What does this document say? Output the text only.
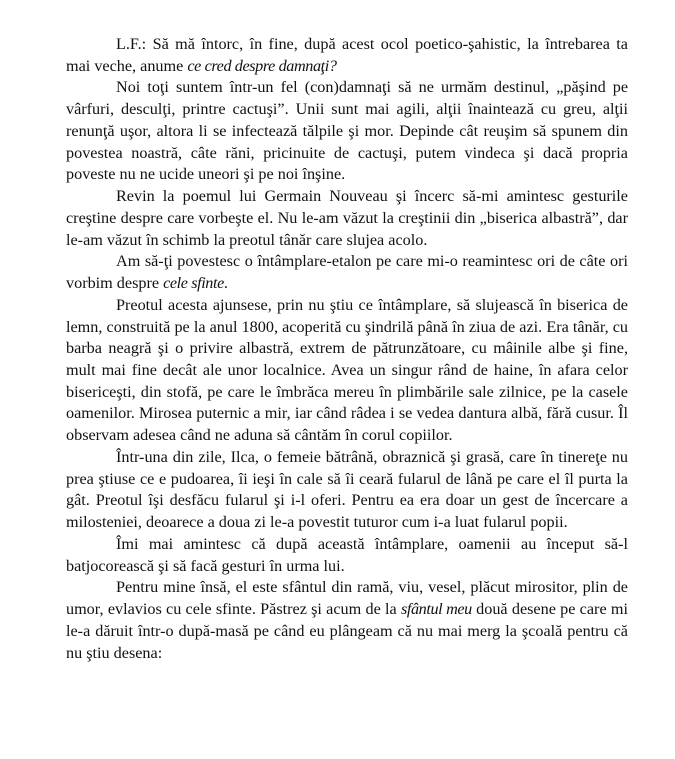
L.F.: Să mă întorc, în fine, după acest ocol poetico-şahistic, la întrebarea ta mai veche, anume ce cred despre damnaţi?

Noi toţi suntem într-un fel (con)damnaţi să ne urmăm destinul, „păşind pe vârfuri, desculţi, printre cactuşi”. Unii sunt mai agili, alţii înaintează cu greu, alţii renunţă uşor, altora li se infectează tălpile şi mor. Depinde cât reuşim să spunem din povestea noastră, câte răni, pricinuite de cactuşi, putem vindeca şi dacă propria poveste nu ne ucide uneori şi pe noi înşine.

Revin la poemul lui Germain Nouveau şi încerc să-mi amintesc gesturile creştine despre care vorbeşte el. Nu le-am văzut la creştinii din „biserica albastră”, dar le-am văzut în schimb la preotul tânăr care slujea acolo.

Am să-ţi povestesc o întâmplare-etalon pe care mi-o reamintesc ori de câte ori vorbim despre cele sfinte.

Preotul acesta ajunsese, prin nu ştiu ce întâmplare, să slujească în biserica de lemn, construită pe la anul 1800, acoperită cu şindrilă până în ziua de azi. Era tânăr, cu barba neagră şi o privire albastră, extrem de pătrunzătoare, cu mâinile albe şi fine, mult mai fine decât ale unor localnice. Avea un singur rând de haine, în afara celor bisericeşti, din stofă, pe care le îmbrăca mereu în plimbările sale zilnice, pe la casele oamenilor. Mirosea puternic a mir, iar când râdea i se vedea dantura albă, fără cusur. Îl observam adesea când ne aduna să cântăm în corul copiilor.

Într-una din zile, Ilca, o femeie bătrână, obraznică şi grasă, care în tinereţe nu prea ştiuse ce e pudoarea, îi ieşi în cale să îi ceară fularul de lână pe care el îl purta la gât. Preotul îşi desfăcu fularul şi i-l oferi. Pentru ea era doar un gest de încercare a milosteniei, deoarece a doua zi le-a povestit tuturor cum i-a luat fularul popii.

Îmi mai amintesc că după această întâmplare, oamenii au început să-l batjocorească şi să facă gesturi în urma lui.

Pentru mine însă, el este sfântul din ramă, viu, vesel, plăcut mirositor, plin de umor, evlavios cu cele sfinte. Păstrez şi acum de la sfântul meu două desene pe care mi le-a dăruit într-o după-masă pe când eu plângeam că nu mai merg la şcoală pentru că nu ştiu desena:
